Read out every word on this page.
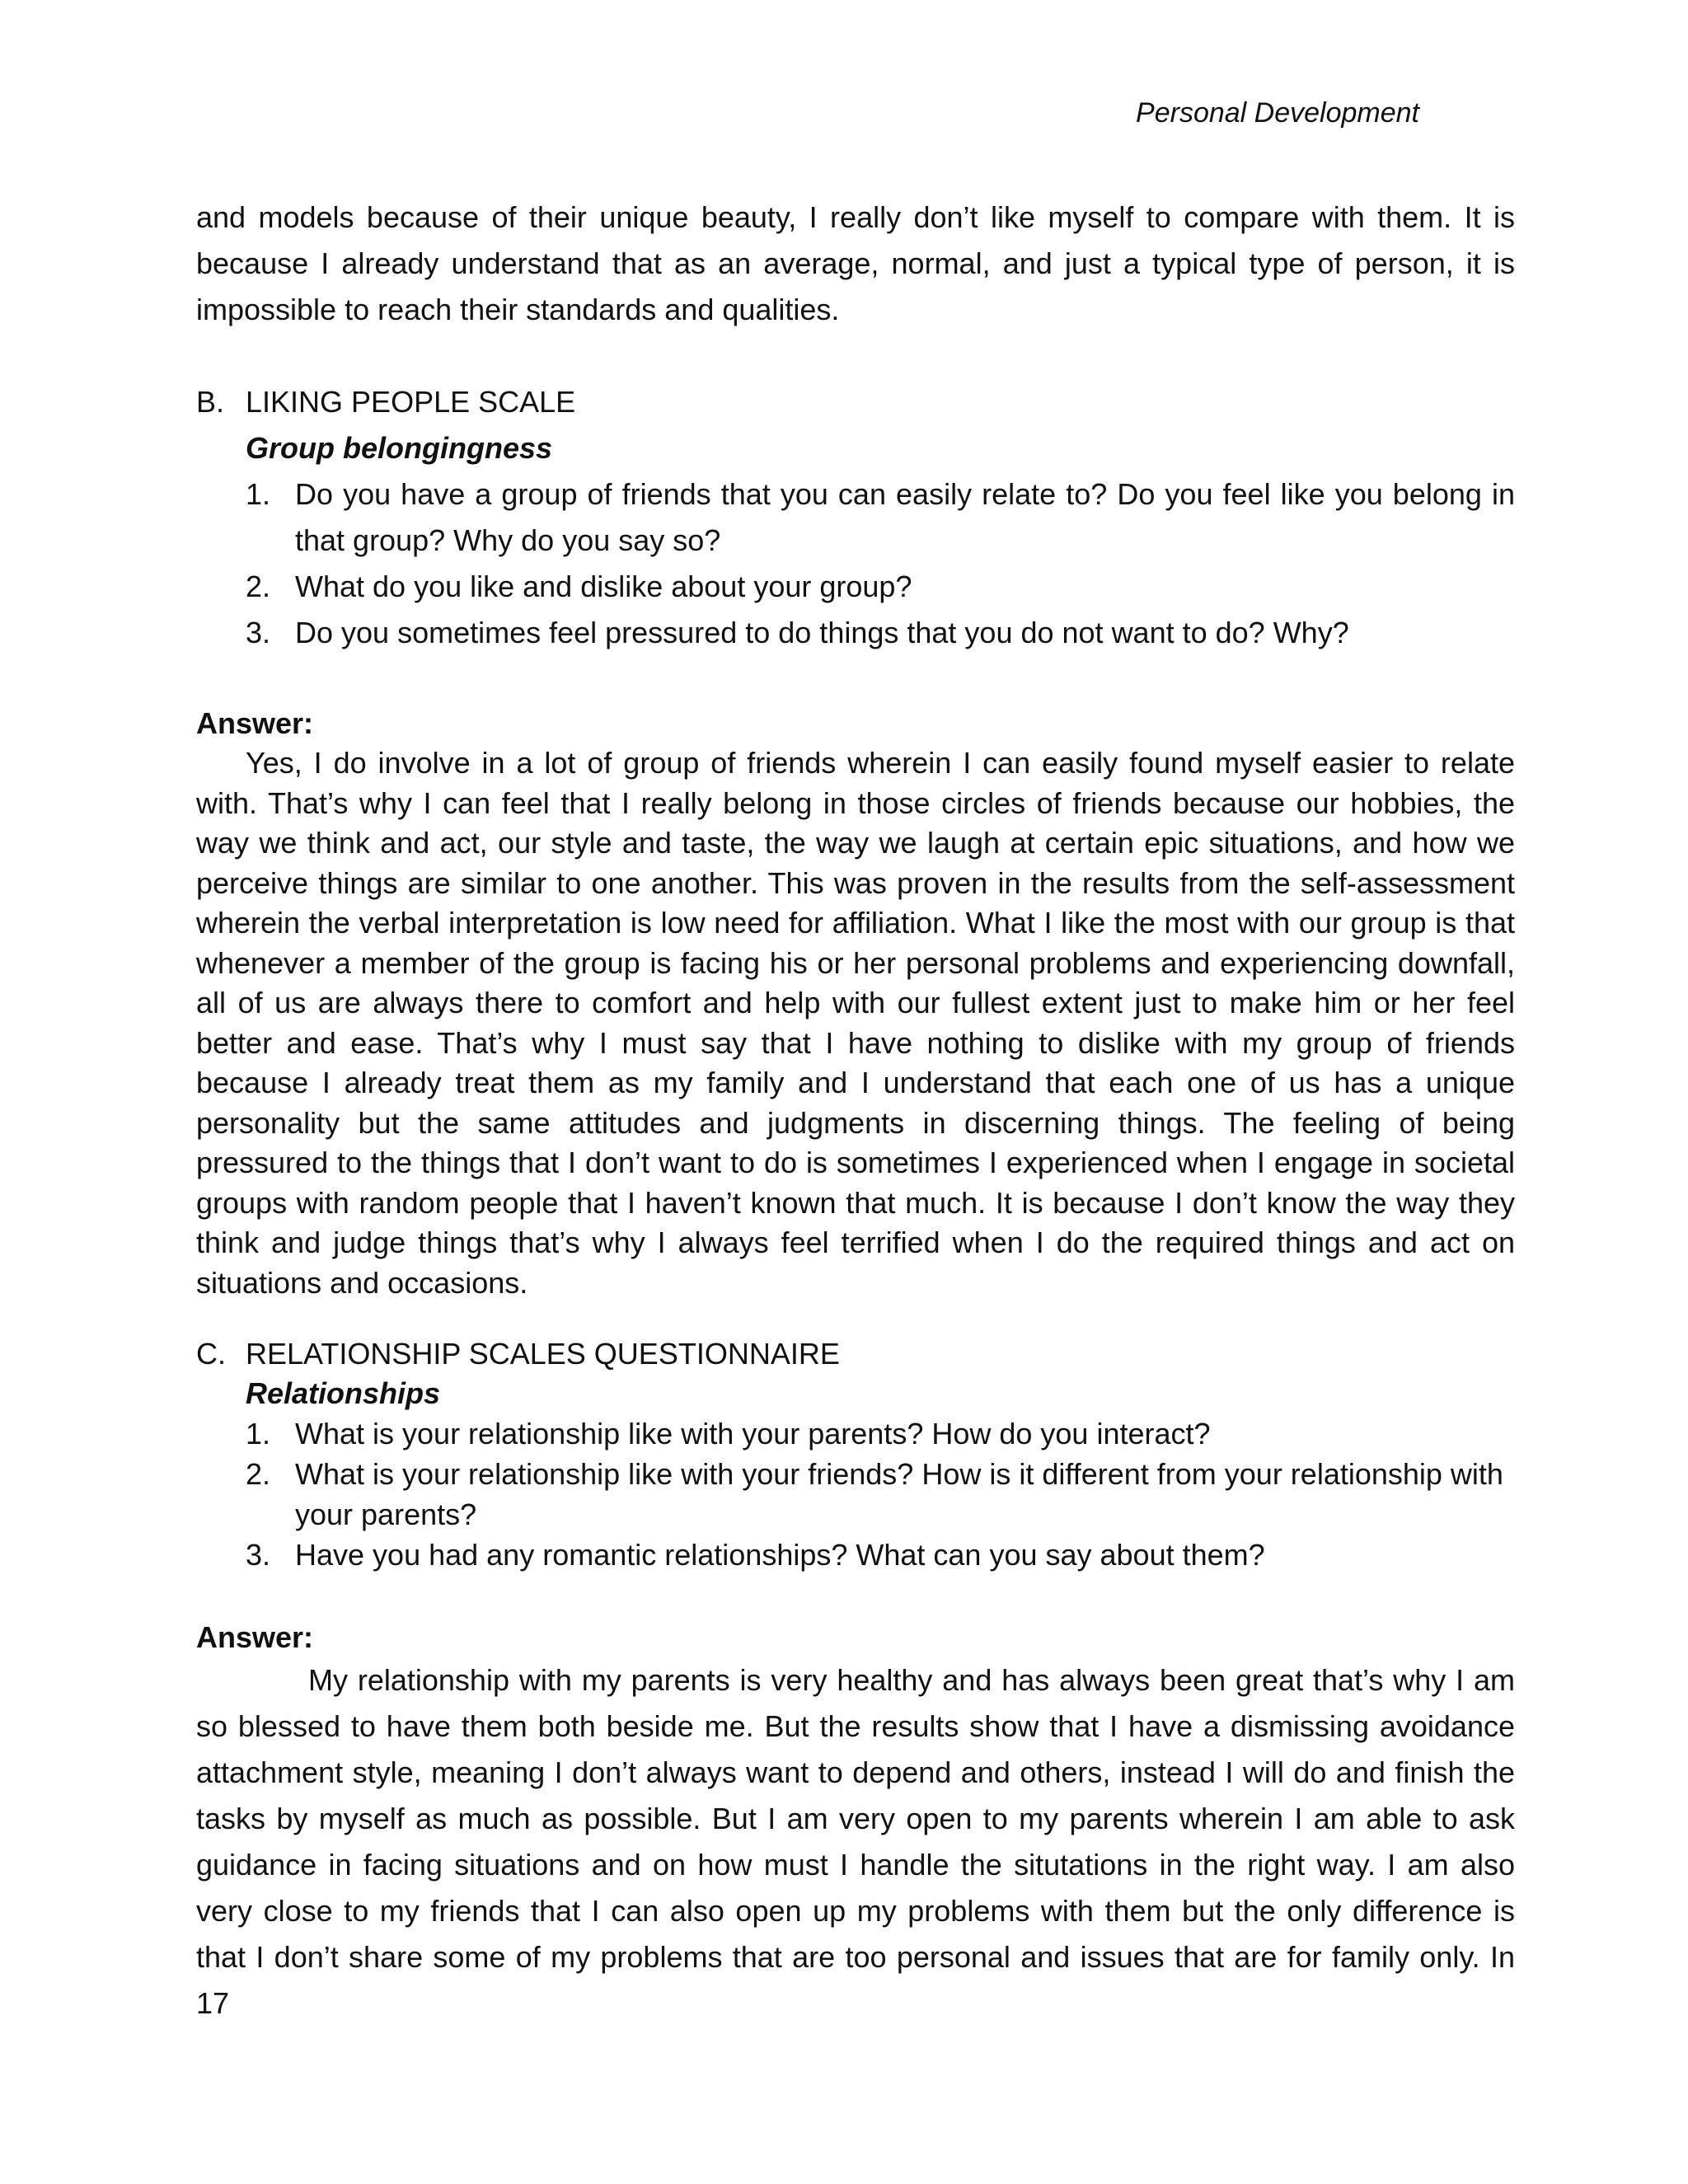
Personal Development

and models because of their unique beauty, I really don’t like myself to compare with them. It is because I already understand that as an average, normal, and just a typical type of person, it is impossible to reach their standards and qualities.

B. LIKING PEOPLE SCALE
Group belongingness
1. Do you have a group of friends that you can easily relate to? Do you feel like you belong in that group? Why do you say so?
2. What do you like and dislike about your group?
3. Do you sometimes feel pressured to do things that you do not want to do? Why?
Answer:

Yes, I do involve in a lot of group of friends wherein I can easily found myself easier to relate with. That’s why I can feel that I really belong in those circles of friends because our hobbies, the way we think and act, our style and taste, the way we laugh at certain epic situations, and how we perceive things are similar to one another. This was proven in the results from the self-assessment wherein the verbal interpretation is low need for affiliation. What I like the most with our group is that whenever a member of the group is facing his or her personal problems and experiencing downfall, all of us are always there to comfort and help with our fullest extent just to make him or her feel better and ease. That’s why I must say that I have nothing to dislike with my group of friends because I already treat them as my family and I understand that each one of us has a unique personality but the same attitudes and judgments in discerning things. The feeling of being pressured to the things that I don’t want to do is sometimes I experienced when I engage in societal groups with random people that I haven’t known that much. It is because I don’t know the way they think and judge things that’s why I always feel terrified when I do the required things and act on situations and occasions.

C. RELATIONSHIP SCALES QUESTIONNAIRE
Relationships
1. What is your relationship like with your parents? How do you interact?
2. What is your relationship like with your friends? How is it different from your relationship with your parents?
3. Have you had any romantic relationships? What can you say about them?
Answer:

My relationship with my parents is very healthy and has always been great that’s why I am so blessed to have them both beside me. But the results show that I have a dismissing avoidance attachment style, meaning I don’t always want to depend and others, instead I will do and finish the tasks by myself as much as possible. But I am very open to my parents wherein I am able to ask guidance in facing situations and on how must I handle the situtations in the right way. I am also very close to my friends that I can also open up my problems with them but the only difference is that I don’t share some of my problems that are too personal and issues that are for family only. In 17
